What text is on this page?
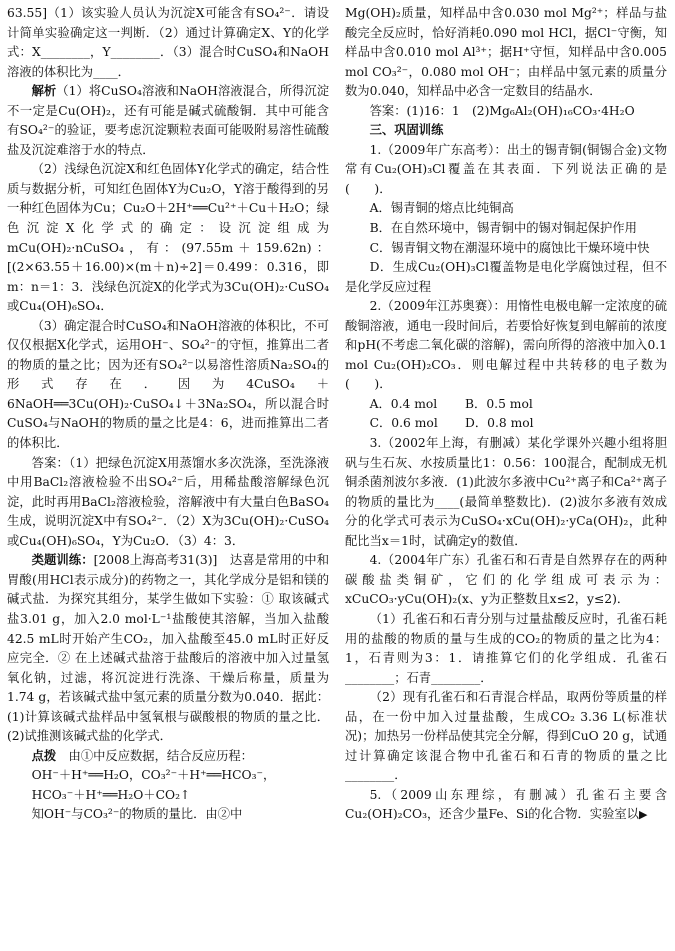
63.55]（1）该实验人员认为沉淀X可能含有SO₄²⁻．请设计简单实验确定这一判断．（2）通过计算确定X、Y的化学式：X________，Y________．（3）混合时CuSO₄和NaOH溶液的体积比为____．

解析（1）将CuSO₄溶液和NaOH溶液混合，所得沉淀不一定是Cu(OH)₂，还有可能是碱式硫酸铜．其中可能含有SO₄²⁻的验证，要考虑沉淀颗粒表面可能吸附易溶性硫酸盐及沉淀难溶于水的特点．

（2）浅绿色沉淀X和红色固体Y化学式的确定，结合性质与数据分析，可知红色固体Y为Cu₂O，Y溶于酸得到的另一种红色固体为Cu；Cu₂O＋2H⁺══Cu²⁺＋Cu＋H₂O；绿色沉淀X化学式的确定：设沉淀组成为mCu(OH)₂·nCuSO₄，有：(97.55m＋159.62n)：[(2×63.55＋16.00)×(m＋n)÷2]＝0.499：0.316，即m：n＝1：3．浅绿色沉淀X的化学式为3Cu(OH)₂·CuSO₄或Cu₄(OH)₆SO₄．

（3）确定混合时CuSO₄和NaOH溶液的体积比，不可仅仅根据X化学式，运用OH⁻、SO₄²⁻的守恒，推算出二者的物质的量之比；因为还有SO₄²⁻以易溶性溶质Na₂SO₄的形式存在．因为4CuSO₄＋6NaOH══3Cu(OH)₂·CuSO₄↓＋3Na₂SO₄，所以混合时CuSO₄与NaOH的物质的量之比是4：6，进而推算出二者的体积比．

答案：（1）把绿色沉淀X用蒸馏水多次洗涤，至洗涤液中用BaCl₂溶液检验不出SO₄²⁻后，用稀盐酸溶解绿色沉淀，此时再用BaCl₂溶液检验，溶解液中有大量白色BaSO₄生成，说明沉淀X中有SO₄²⁻．（2）X为3Cu(OH)₂·CuSO₄或Cu₄(OH)₆SO₄，Y为Cu₂O．（3）4：3．

类题训练：[2008上海高考31(3)]　达喜是常用的中和胃酸(用HCl表示成分)的药物之一，其化学成分是铝和镁的碱式盐．为探究其组分，某学生做如下实验：① 取该碱式盐3.01 g，加入2.0 mol·L⁻¹盐酸使其溶解，当加入盐酸42.5 mL时开始产生CO₂，加入盐酸至45.0 mL时正好反应完全．② 在上述碱式盐溶于盐酸后的溶液中加入过量氢氧化钠，过滤，将沉淀进行洗涤、干燥后称量，质量为1.74 g，若该碱式盐中氢元素的质量分数为0.040．据此：(1)计算该碱式盐样品中氢氧根与碳酸根的物质的量之比．(2)试推测该碱式盐的化学式．

点拨　 由①中反应数据，结合反应历程：

OH⁻＋H⁺══H₂O，CO₃²⁻＋H⁺══HCO₃⁻，

HCO₃⁻＋H⁺══H₂O＋CO₂↑

知OH⁻与CO₃²⁻的物质的量比．由②中

Mg(OH)₂质量，知样品中含0.030 mol Mg²⁺；样品与盐酸完全反应时，恰好消耗0.090 mol HCl，据Cl⁻守衡，知样品中含0.010 mol Al³⁺；据H⁺守恒，知样品中含0.005 mol CO₃²⁻，0.080 mol OH⁻；由样品中氢元素的质量分数为0.040，知样品中必含一定数目的结晶水．

答案：(1)16：1　(2)Mg₆Al₂(OH)₁₆CO₃·4H₂O

三、巩固训练

1.（2009年广东高考）：出土的锡青铜(铜锡合金)文物常有Cu₂(OH)₃Cl覆盖在其表面．下列说法正确的是(　　)．

A．锡青铜的熔点比纯铜高

B．在自然环境中，锡青铜中的锡对铜起保护作用

C．锡青铜文物在潮湿环境中的腐蚀比干燥环境中快

D．生成Cu₂(OH)₃Cl覆盖物是电化学腐蚀过程，但不是化学反应过程

2.（2009年江苏奥赛）：用惰性电极电解一定浓度的硫酸铜溶液，通电一段时间后，若要恰好恢复到电解前的浓度和pH(不考虑二氧化碳的溶解)，需向所得的溶液中加入0.1 mol Cu₂(OH)₂CO₃．则电解过程中共转移的电子数为(　　)．

A．0.4 mol	B．0.5 mol
C．0.6 mol	D．0.8 mol

3.（2002年上海，有删减）某化学课外兴趣小组将胆矾与生石灰、水按质量比1：0.56：100混合，配制成无机铜杀菌剂波尔多液．(1)此波尔多液中Cu²⁺离子和Ca²⁺离子的物质的量比为____(最简单整数比)．(2)波尔多液有效成分的化学式可表示为CuSO₄·xCu(OH)₂·yCa(OH)₂，此种配比当x＝1时，试确定y的数值．

4.（2004年广东）孔雀石和石青是自然界存在的两种碳酸盐类铜矿，它们的化学组成可表示为：xCuCO₃·yCu(OH)₂(x、y为正整数且x≤2，y≤2)．

（1）孔雀石和石青分别与过量盐酸反应时，孔雀石耗用的盐酸的物质的量与生成的CO₂的物质的量之比为4：1，石青则为3：1．请推算它们的化学组成．孔雀石________；石青________．

（2）现有孔雀石和石青混合样品，取两份等质量的样品，在一份中加入过量盐酸，生成CO₂ 3.36 L(标准状况)；加热另一份样品使其完全分解，得到CuO 20 g，试通过计算确定该混合物中孔雀石和石青的物质的量之比________．

5.（2009山东理综，有删减）孔雀石主要含Cu₂(OH)₂CO₃，还含少量Fe、Si的化合物．实验室以▶
